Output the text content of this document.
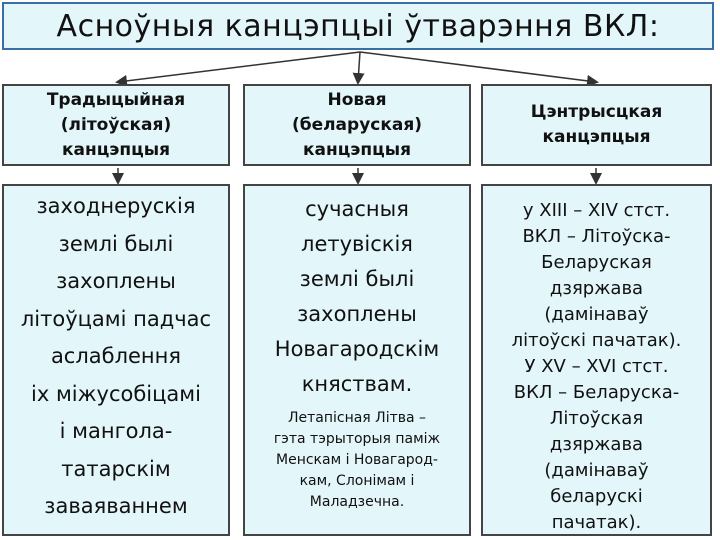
Асноўныя канцэпцыі ўтварэння ВКЛ:
Традыцыйная
(літоўская)
канцэпцыя
Новая
(беларуская)
канцэпцыя
Цэнтрысцкая
канцэпцыя
заходнерускія
землі былі
захоплены
літоўцамі падчас
аслаблення
іх міжусобіцамі
і мангола-
татарскім
заваяваннем
сучасныя
летувіскія
землі былі
захоплены
Новагародскім
княствам.
Летапісная Літва –
гэта тэрыторыя паміж
Менскам і Новагарод-
кам, Слонімам і
Маладзечна.
у XIII – XIV стст.
ВКЛ – Літоўска-
Беларуская
дзяржава
(дамінаваў
літоўскі пачатак).
У XV – XVI стст.
ВКЛ – Беларуска-
Літоўская
дзяржава
(дамінаваў
беларускі
пачатак).
